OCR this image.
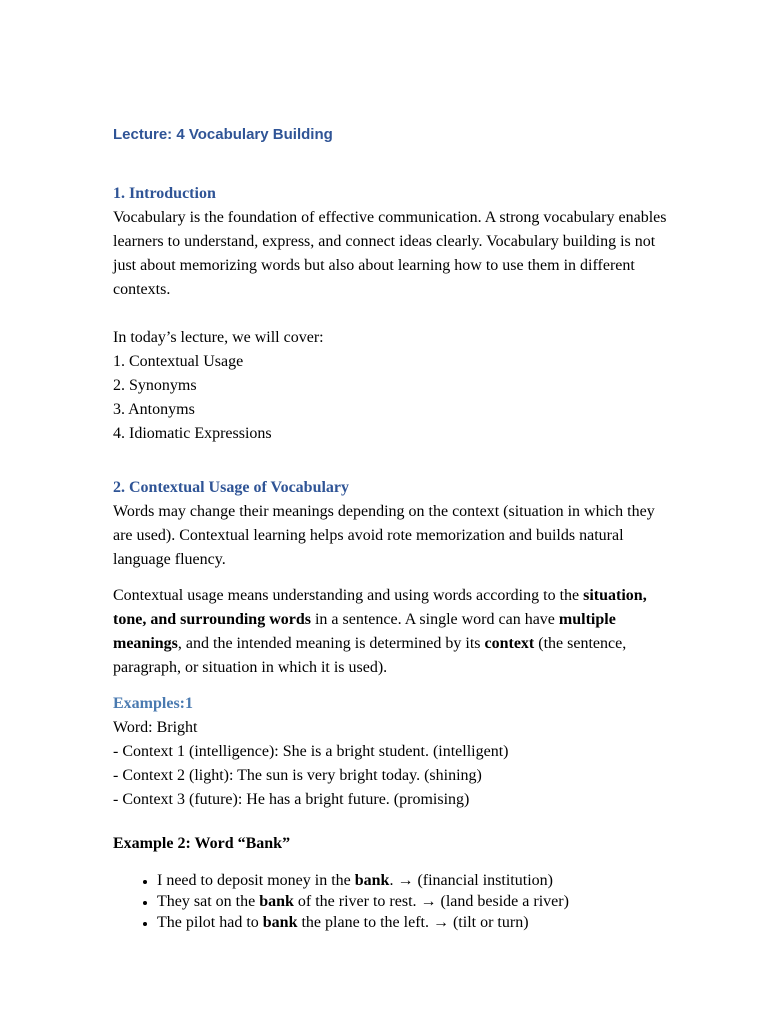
Lecture: 4 Vocabulary Building
1. Introduction

Vocabulary is the foundation of effective communication. A strong vocabulary enables learners to understand, express, and connect ideas clearly. Vocabulary building is not just about memorizing words but also about learning how to use them in different contexts.

In today’s lecture, we will cover:

1. Contextual Usage
2. Synonyms
3. Antonyms
4. Idiomatic Expressions
2. Contextual Usage of Vocabulary

Words may change their meanings depending on the context (situation in which they are used). Contextual learning helps avoid rote memorization and builds natural language fluency.

Contextual usage means understanding and using words according to the situation, tone, and surrounding words in a sentence. A single word can have multiple meanings, and the intended meaning is determined by its context (the sentence, paragraph, or situation in which it is used).

Examples:1

Word: Bright

- Context 1 (intelligence): She is a bright student. (intelligent)

- Context 2 (light): The sun is very bright today. (shining)

- Context 3 (future): He has a bright future. (promising)

Example 2: Word “Bank”

• I need to deposit money in the bank. → (financial institution)
• They sat on the bank of the river to rest. → (land beside a river)
• The pilot had to bank the plane to the left. → (tilt or turn)
